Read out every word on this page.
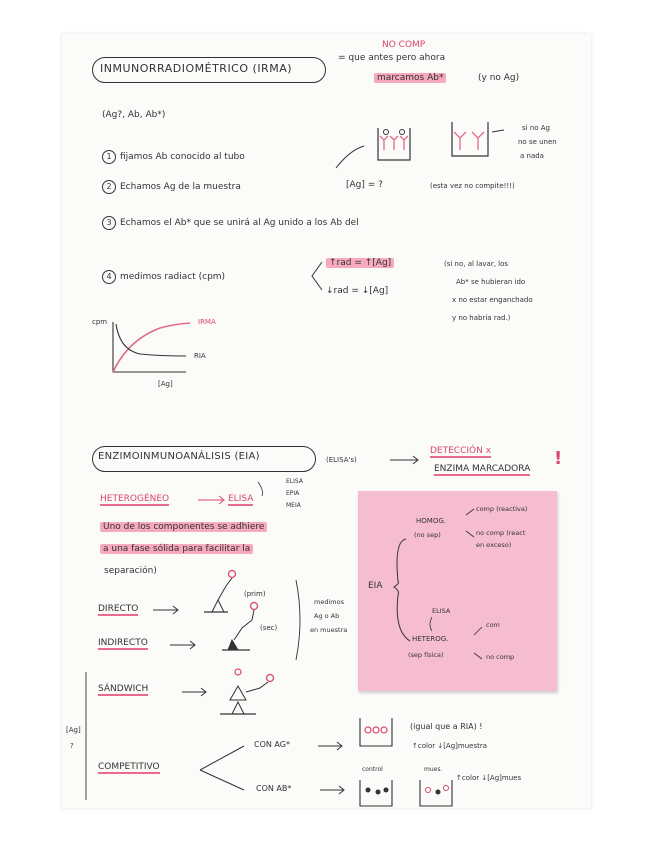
INMUNORRADIOMÉTRICO (IRMA)
NO COMP
= que antes pero ahora
marcamos Ab*	(y no Ag)
(Ag?, Ab, Ab*)
si no Ag
no se unen
a nada
1 fijamos Ab conocido al tubo
2 Echamos Ag de la muestra	[Ag] = ?	(esta vez no compite!!!)
3 Echamos el Ab* que se unirá al Ag unido a los Ab del
4 medimos radiact (cpm)
↑rad = ↑[Ag]
↓rad = ↓[Ag]
(si no, al lavar, los
Ab* se hubieran ido
x no estar enganchado
y no habría rad.)
cpm	IRMA
RIA
[Ag]
ENZIMOINMUNOANÁLISIS (EIA)	(ELISA's)
DETECCIÓN x
ENZIMA MARCADORA !
HETEROGÉNEO	ELISA
ELISA
EPIA
MEIA
Uno de los componentes se adhiere
a una fase sólida para facilitar la
separación)
DIRECTO
(prim)
INDIRECTO
(sec)
medimos
Ag o Ab
en muestra
SÁNDWICH
[Ag]
?
COMPETITIVO
CON AG*
CON AB*
(igual que a RIA) !
↑color ↓[Ag]muestra
control	mues.
↑color ↓[Ag]mues
EIA
HOMOG.
(no sep)
comp (reactiva)
no comp (react
en exceso)
ELISA
HETEROG.
(sep física)
com
no comp
